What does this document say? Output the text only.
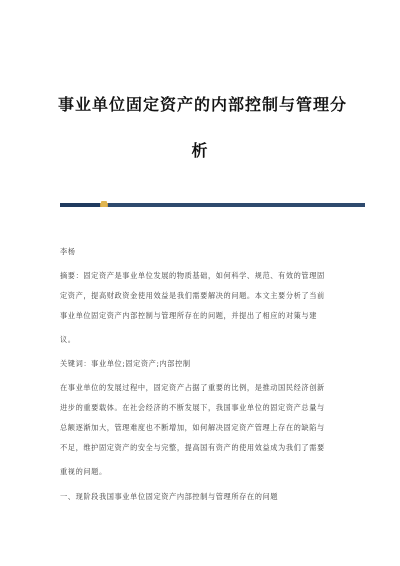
事业单位固定资产的内部控制与管理分
析
李杨
摘要：固定资产是事业单位发展的物质基础，如何科学、规范、有效的管理固
定资产，提高财政资金使用效益是我们需要解决的问题。本文主要分析了当前
事业单位固定资产内部控制与管理所存在的问题，并提出了相应的对策与建
议。
关键词：事业单位;固定资产;内部控制
在事业单位的发展过程中，固定资产占据了重要的比例，是推动国民经济创新
进步的重要载体。在社会经济的不断发展下，我国事业单位的固定资产总量与
总额逐渐加大，管理难度也不断增加，如何解决固定资产管理上存在的缺陷与
不足，维护固定资产的安全与完整，提高国有资产的使用效益成为我们了需要
重视的问题。
一、现阶段我国事业单位固定资产内部控制与管理所存在的问题
